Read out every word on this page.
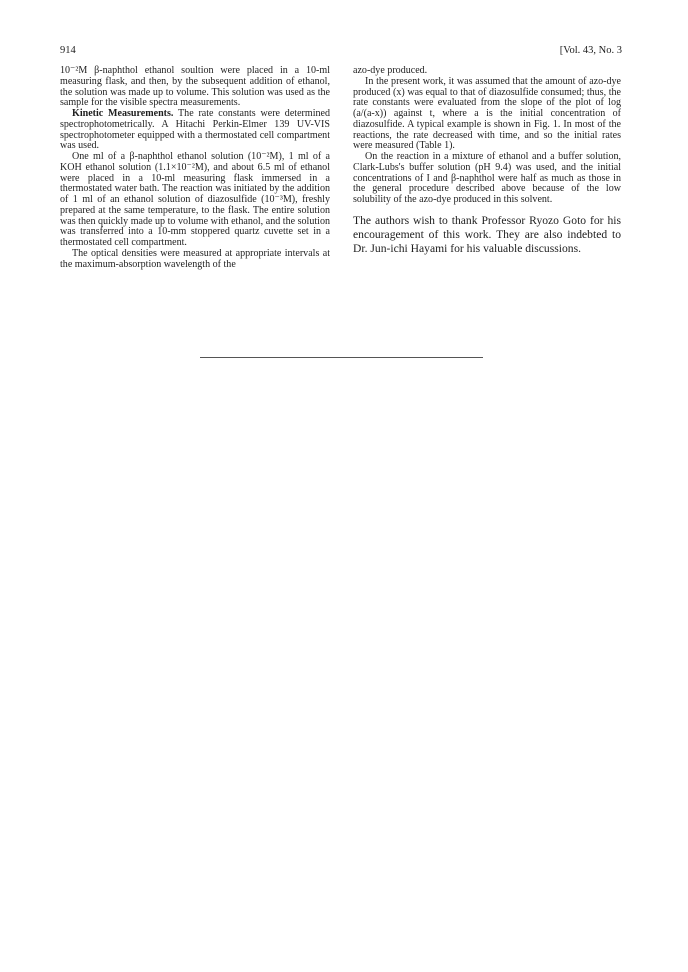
914	[Vol. 43, No. 3

10⁻²M β-naphthol ethanol soultion were placed in a 10-ml measuring flask, and then, by the subsequent addition of ethanol, the solution was made up to volume. This solution was used as the sample for the visible spectra measurements.

Kinetic Measurements. The rate constants were determined spectrophotometrically. A Hitachi Perkin-Elmer 139 UV-VIS spectrophotometer equipped with a thermostated cell compartment was used.

One ml of a β-naphthol ethanol solution (10⁻²M), 1 ml of a KOH ethanol solution (1.1×10⁻²M), and about 6.5 ml of ethanol were placed in a 10-ml measuring flask immersed in a thermostated water bath. The reaction was initiated by the addition of 1 ml of an ethanol solution of diazosulfide (10⁻³M), freshly prepared at the same temperature, to the flask. The entire solution was then quickly made up to volume with ethanol, and the solution was transferred into a 10-mm stoppered quartz cuvette set in a thermostated cell compartment.

The optical densities were measured at appropriate intervals at the maximum-absorption wavelength of the

azo-dye produced.

In the present work, it was assumed that the amount of azo-dye produced (x) was equal to that of diazosulfide consumed; thus, the rate constants were evaluated from the slope of the plot of log (a/(a-x)) against t, where a is the initial concentration of diazosulfide. A typical example is shown in Fig. 1. In most of the reactions, the rate decreased with time, and so the initial rates were measured (Table 1).

On the reaction in a mixture of ethanol and a buffer solution, Clark-Lubs's buffer solution (pH 9.4) was used, and the initial concentrations of I and β-naphthol were half as much as those in the general procedure described above because of the low solubility of the azo-dye produced in this solvent.

The authors wish to thank Professor Ryozo Goto for his encouragement of this work. They are also indebted to Dr. Jun-ichi Hayami for his valuable discussions.
